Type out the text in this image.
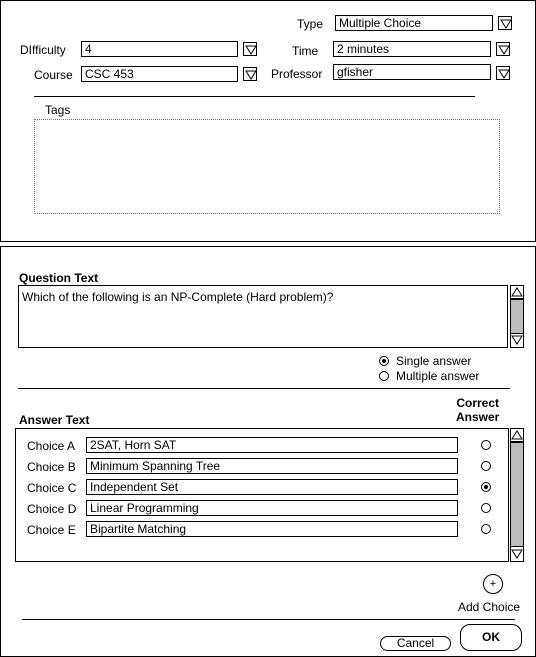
Type	Multiple Choice
DIfficulty	4	Time	2 minutes
Course	CSC 453	Professor	gfisher
Tags
Question Text
Which of the following is an NP-Complete (Hard problem)?
Single answer
Multiple answer
Answer Text
Correct
Answer
Choice A	2SAT, Horn SAT
Choice B	Minimum Spanning Tree
Choice C	Independent Set
Choice D	Linear Programming
Choice E	Bipartite Matching
+
Add Choice
Cancel	OK
